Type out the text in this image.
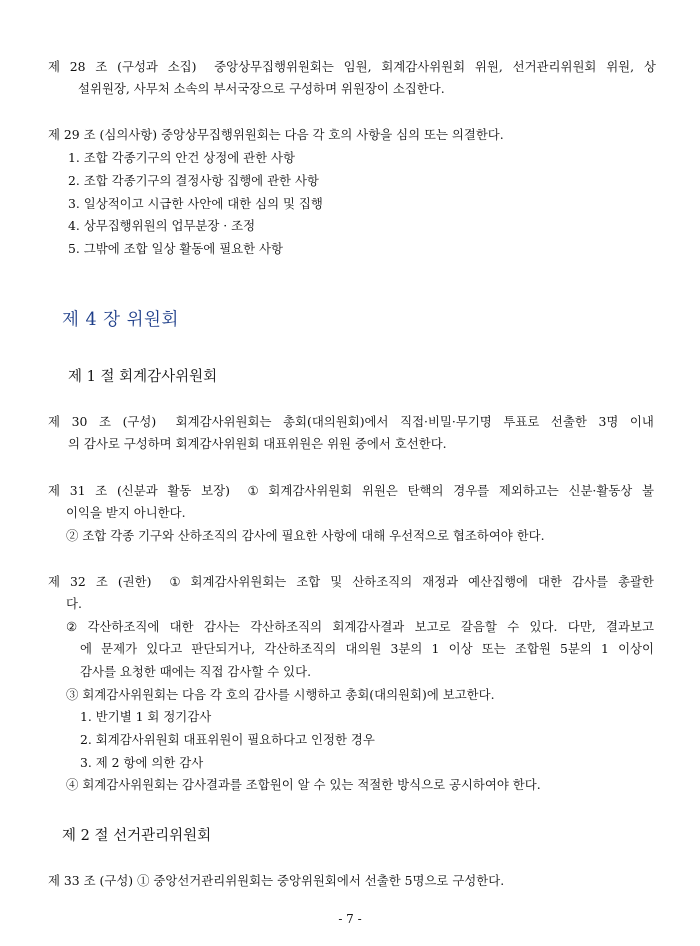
제 28 조 (구성과 소집) 중앙상무집행위원회는 임원, 회계감사위원회 위원, 선거관리위원회 위원, 상
설위원장, 사무처 소속의 부서국장으로 구성하며 위원장이 소집한다.
제 29 조 (심의사항) 중앙상무집행위원회는 다음 각 호의 사항을 심의 또는 의결한다.
1. 조합 각종기구의 안건 상정에 관한 사항
2. 조합 각종기구의 결정사항 집행에 관한 사항
3. 일상적이고 시급한 사안에 대한 심의 및 집행
4. 상무집행위원의 업무분장 · 조정
5. 그밖에 조합 일상 활동에 필요한 사항
제 4 장 위원회
제 1 절 회계감사위원회
제 30 조 (구성) 회계감사위원회는 총회(대의원회)에서 직접·비밀·무기명 투표로 선출한 3명 이내
의 감사로 구성하며 회계감사위원회 대표위원은 위원 중에서 호선한다.
제 31 조 (신분과 활동 보장) ① 회계감사위원회 위원은 탄핵의 경우를 제외하고는 신분·활동상 불
이익을 받지 아니한다.
② 조합 각종 기구와 산하조직의 감사에 필요한 사항에 대해 우선적으로 협조하여야 한다.
제 32 조 (권한) ① 회계감사위원회는 조합 및 산하조직의 재정과 예산집행에 대한 감사를 총괄한
다.
② 각산하조직에 대한 감사는 각산하조직의 회계감사결과 보고로 갈음할 수 있다. 다만, 결과보고
에 문제가 있다고 판단되거나, 각산하조직의 대의원 3분의 1 이상 또는 조합원 5분의 1 이상이
감사를 요청한 때에는 직접 감사할 수 있다.
③ 회계감사위원회는 다음 각 호의 감사를 시행하고 총회(대의원회)에 보고한다.
1. 반기별 1 회 정기감사
2. 회계감사위원회 대표위원이 필요하다고 인정한 경우
3. 제 2 항에 의한 감사
④ 회계감사위원회는 감사결과를 조합원이 알 수 있는 적절한 방식으로 공시하여야 한다.
제 2 절 선거관리위원회
제 33 조 (구성) ① 중앙선거관리위원회는 중앙위원회에서 선출한 5명으로 구성한다.
- 7 -
